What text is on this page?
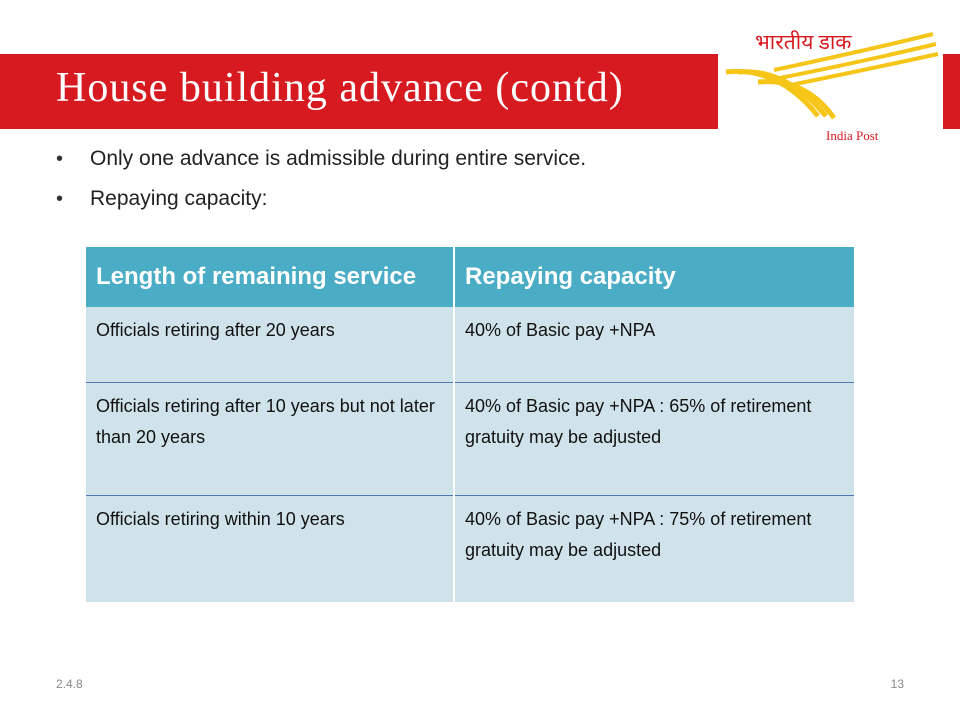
House building advance (contd)
भारतीय डाक
India Post
• Only one advance is admissible during entire service.
• Repaying capacity:
Length of remaining service	Repaying capacity
Officials retiring after 20 years	40% of Basic pay +NPA
Officials retiring after 10 years but not later than 20 years	40% of Basic pay +NPA : 65% of retirement gratuity may be adjusted
Officials retiring within 10 years	40% of Basic pay +NPA : 75% of retirement gratuity may be adjusted
2.4.8	13
